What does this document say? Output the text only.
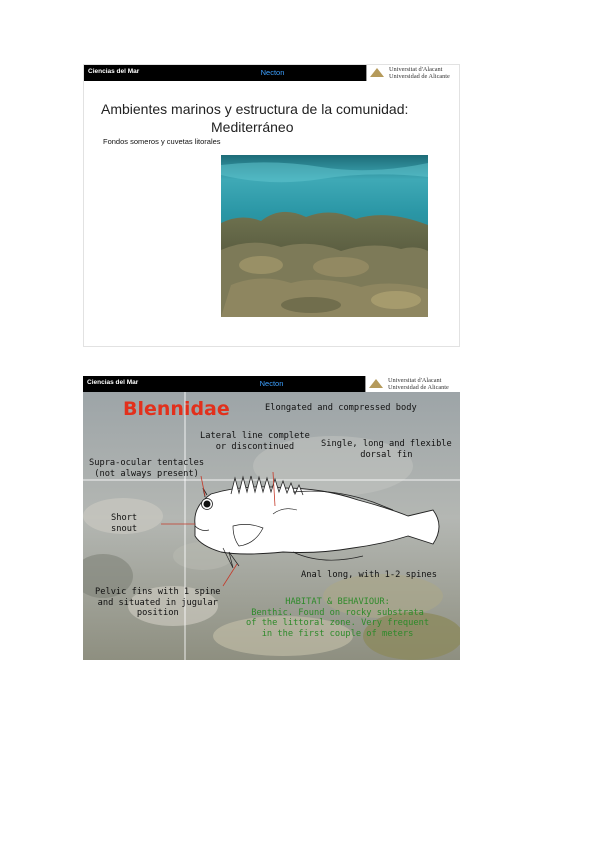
Ciencias del Mar	Necton	Universitat d'Alacant
Universidad de Alicante
Ambientes marinos y estructura de la comunidad:
Mediterráneo
Fondos someros y cuvetas litorales
Ciencias del Mar	Necton	Universitat d'Alacant
Universidad de Alicante
Blennidae	Elongated and compressed body
Lateral line complete
or discontinued	Single, long and flexible
dorsal fin
Supra-ocular tentacles
(not always present)
Short
snout
Anal long, with 1-2 spines
Pelvic fins with 1 spine
and situated in jugular
position
HABITAT & BEHAVIOUR:
Benthic. Found on rocky substrata
of the littoral zone. Very frequent
in the first couple of meters
